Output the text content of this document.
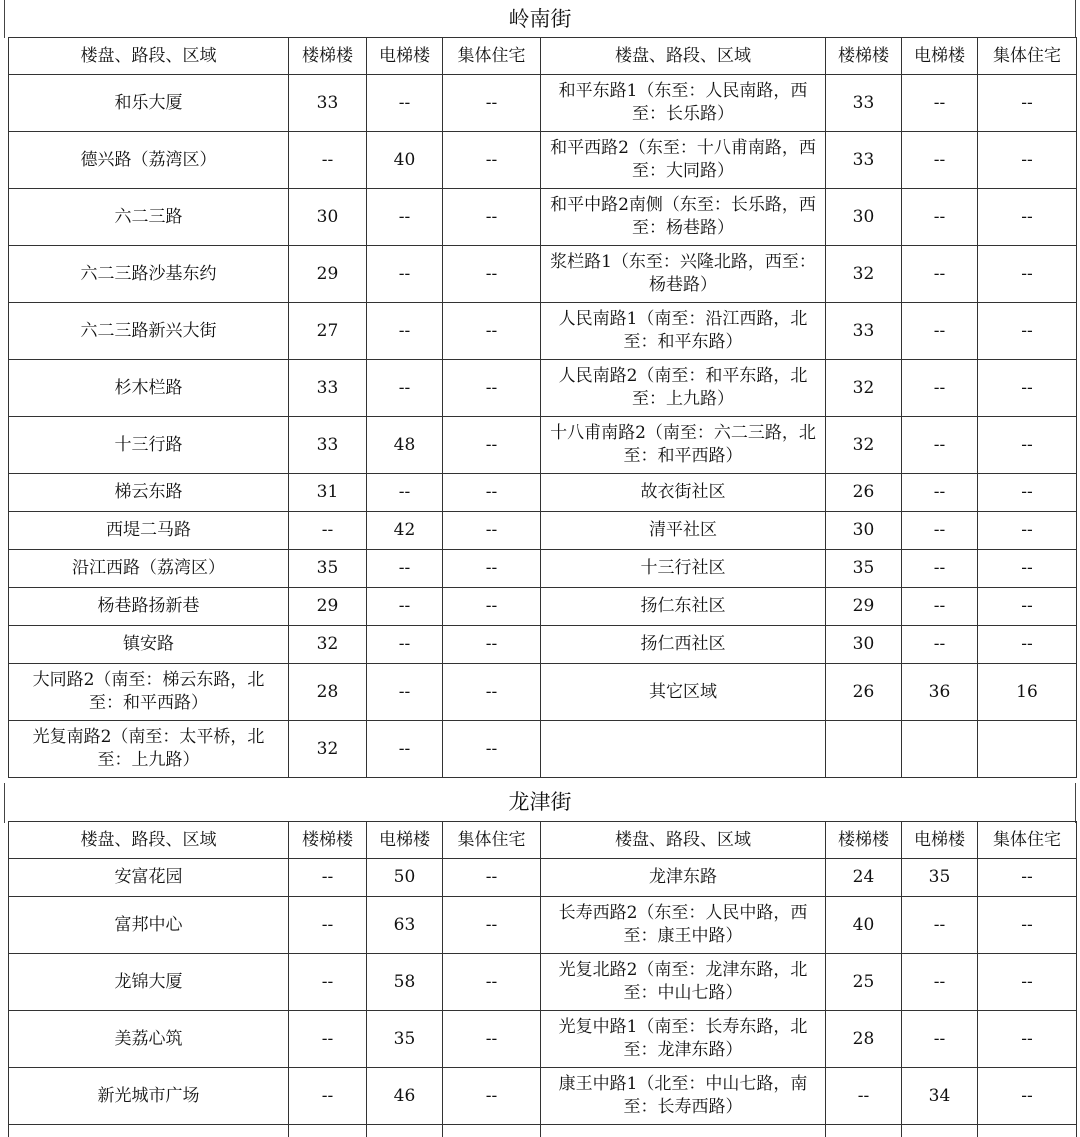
岭南街
楼盘、路段、区域	楼梯楼	电梯楼	集体住宅	楼盘、路段、区域	楼梯楼	电梯楼	集体住宅
和乐大厦	33	--	--	和平东路1（东至：人民南路，西至：长乐路）	33	--	--
德兴路（荔湾区）	--	40	--	和平西路2（东至：十八甫南路，西至：大同路）	33	--	--
六二三路	30	--	--	和平中路2南侧（东至：长乐路，西至：杨巷路）	30	--	--
六二三路沙基东约	29	--	--	浆栏路1（东至：兴隆北路，西至：杨巷路）	32	--	--
六二三路新兴大街	27	--	--	人民南路1（南至：沿江西路，北至：和平东路）	33	--	--
杉木栏路	33	--	--	人民南路2（南至：和平东路，北至：上九路）	32	--	--
十三行路	33	48	--	十八甫南路2（南至：六二三路，北至：和平西路）	32	--	--
梯云东路	31	--	--	故衣街社区	26	--	--
西堤二马路	--	42	--	清平社区	30	--	--
沿江西路（荔湾区）	35	--	--	十三行社区	35	--	--
杨巷路扬新巷	29	--	--	扬仁东社区	29	--	--
镇安路	32	--	--	扬仁西社区	30	--	--
大同路2（南至：梯云东路，北至：和平西路）	28	--	--	其它区域	26	36	16
光复南路2（南至：太平桥，北至：上九路）	32	--	--				
龙津街
楼盘、路段、区域	楼梯楼	电梯楼	集体住宅	楼盘、路段、区域	楼梯楼	电梯楼	集体住宅
安富花园	--	50	--	龙津东路	24	35	--
富邦中心	--	63	--	长寿西路2（东至：人民中路，西至：康王中路）	40	--	--
龙锦大厦	--	58	--	光复北路2（南至：龙津东路，北至：中山七路）	25	--	--
美荔心筑	--	35	--	光复中路1（南至：长寿东路，北至：龙津东路）	28	--	--
新光城市广场	--	46	--	康王中路1（北至：中山七路，南至：长寿西路）	--	34	--
